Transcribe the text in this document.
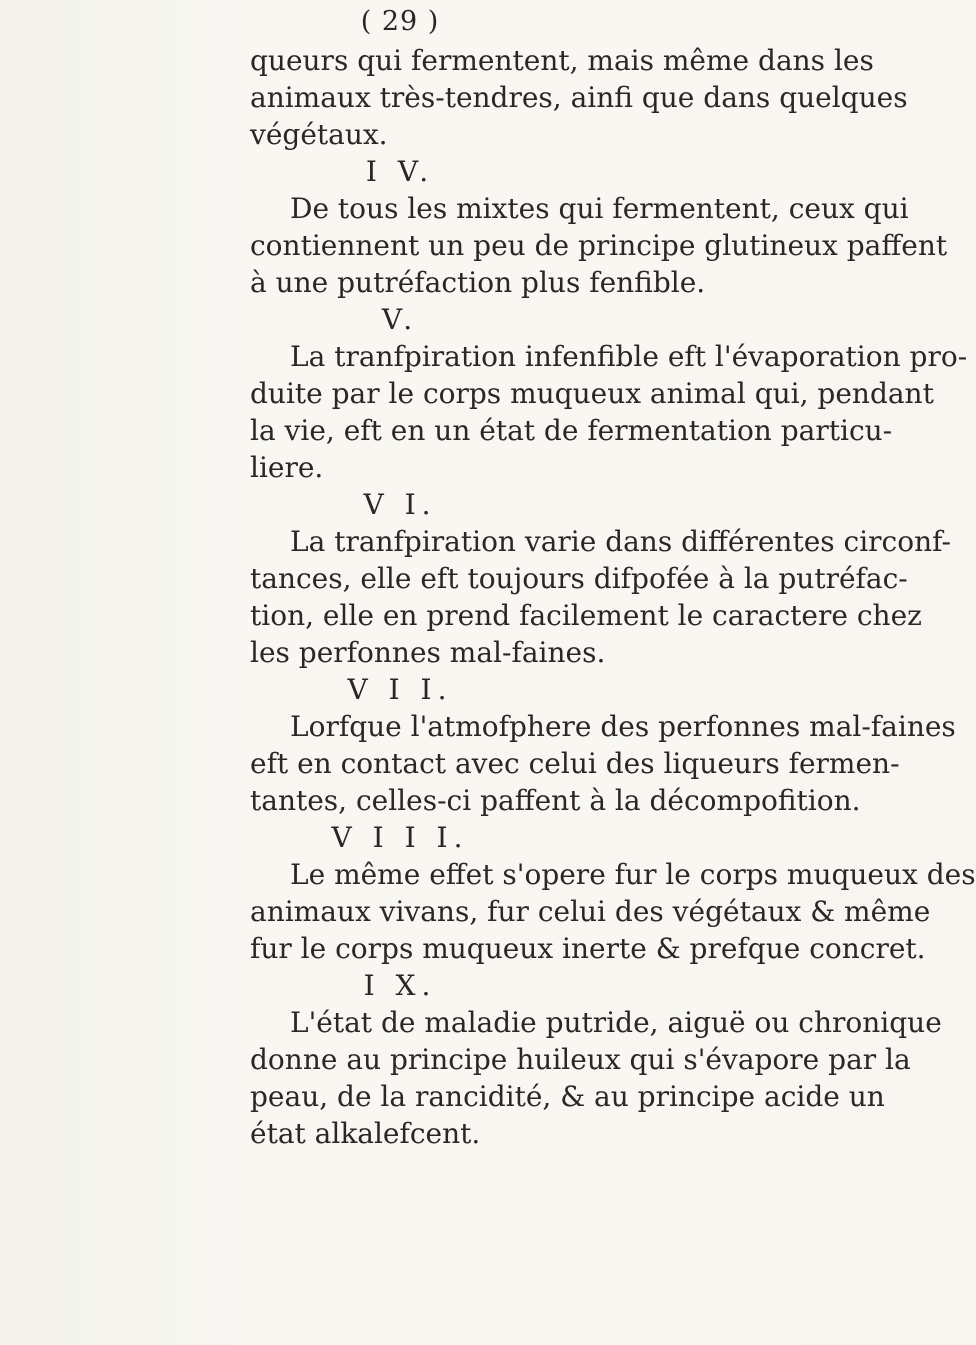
( 29 )
queurs qui fermentent, mais même dans les
animaux très-tendres, ainfi que dans quelques
végétaux.
I V.
De tous les mixtes qui fermentent, ceux qui
contiennent un peu de principe glutineux paffent
à une putréfaction plus fenfible.
V.
La tranfpiration infenfible eft l'évaporation pro-
duite par le corps muqueux animal qui, pendant
la vie, eft en un état de fermentation particu-
liere.
V I.
La tranfpiration varie dans différentes circonf-
tances, elle eft toujours difpofée à la putréfac-
tion, elle en prend facilement le caractere chez
les perfonnes mal-faines.
V I I.
Lorfque l'atmofphere des perfonnes mal-faines
eft en contact avec celui des liqueurs fermen-
tantes, celles-ci paffent à la décompofition.
V I I I.
Le même effet s'opere fur le corps muqueux des
animaux vivans, fur celui des végétaux & même
fur le corps muqueux inerte & prefque concret.
I X.
L'état de maladie putride, aiguë ou chronique
donne au principe huileux qui s'évapore par la
peau, de la rancidité, & au principe acide un
état alkalefcent.
